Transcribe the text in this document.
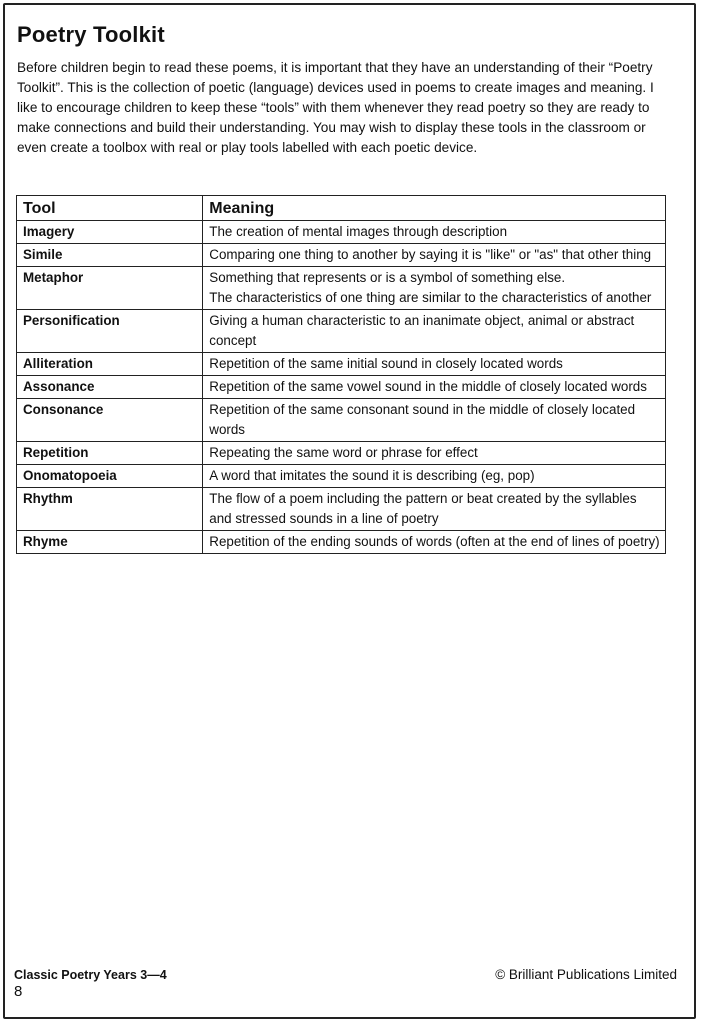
Poetry Toolkit

Before children begin to read these poems, it is important that they have an understanding of their “Poetry Toolkit”. This is the collection of poetic (language) devices used in poems to create images and meaning. I like to encourage children to keep these “tools” with them whenever they read poetry so they are ready to make connections and build their understanding. You may wish to display these tools in the classroom or even create a toolbox with real or play tools labelled with each poetic device.

Tool	Meaning
Imagery	The creation of mental images through description

Simile	Comparing one thing to another by saying it is "like" or "as" that other thing

Metaphor	Something that represents or is a symbol of something else.
The characteristics of one thing are similar to the characteristics of another

Personification	Giving a human characteristic to an inanimate object, animal or abstract concept

Alliteration	Repetition of the same initial sound in closely located words

Assonance	Repetition of the same vowel sound in the middle of closely located words

Consonance	Repetition of the same consonant sound in the middle of closely located words

Repetition	Repeating the same word or phrase for effect

Onomatopoeia	A word that imitates the sound it is describing (eg, pop)

Rhythm	The flow of a poem including the pattern or beat created by the syllables and stressed sounds in a line of poetry

Rhyme	Repetition of the ending sounds of words (often at the end of lines of poetry)
Classic Poetry Years 3—4
8
© Brilliant Publications Limited
